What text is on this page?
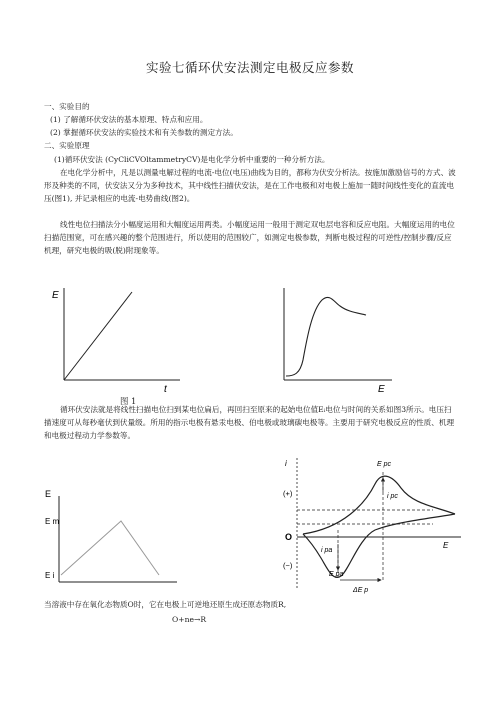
实验七循环伏安法测定电极反应参数
一、实验目的
(1) 了解循环伏安法的基本原理、特点和应用。
(2) 掌握循环伏安法的实验技术和有关参数的测定方法。
二、实验原理
(1)循环伏安法 (CyCliCVOltammetryCV)是电化学分析中重要的一种分析方法。
在电化学分析中，凡是以测量电解过程的电流-电位(电压)曲线为目的，都称为伏安分析法。按施加激励信号的方式、波形及种类的不同，伏安法又分为多种技术，其中线性扫描伏安法，是在工作电极和对电极上施加一随时间线性变化的直流电压(图1), 并记录相应的电流-电势曲线(图2)。
线性电位扫描法分小幅度运用和大幅度运用两类。小幅度运用一般用于测定双电层电容和反应电阻。大幅度运用的电位扫描范围宽，可在感兴趣的整个范围进行，所以使用的范围较广，如测定电极参数，判断电极过程的可逆性/控制步骤/反应机理，研究电极的吸(脱)附现象等。
E
t
图 1
E
循环伏安法就是将线性扫描电位扫到某电位扁后，再回扫至原来的起始电位值Eᵢ电位与时间的关系如图3所示。电压扫描速度可从每秒毫伏到伏量级。所用的指示电极有悬汞电极、伯电极或玻璃碳电极等。主要用于研究电极反应的性质、机理和电极过程动力学参数等。
E
E m
E i
i
(+)
O
(−)
E
E pc
i pc
i pa
E pa
ΔE p
当溶液中存在氧化态物质O时，它在电极上可逆地还原生成还原态物质R,
O+ne→R
